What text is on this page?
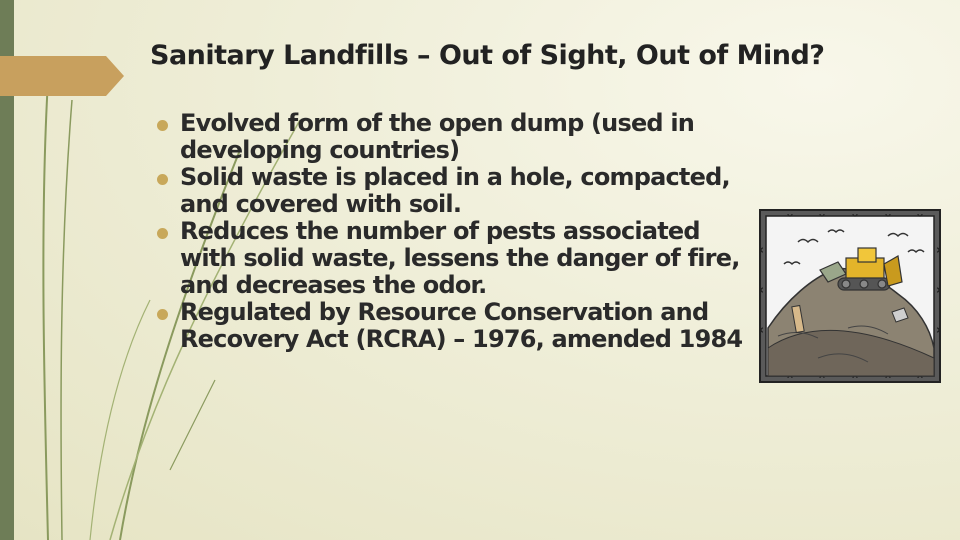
Sanitary Landfills – Out of Sight, Out of Mind?
Evolved form of the open dump (used in developing countries)
Solid waste is placed in a hole, compacted, and covered with soil.
Reduces the number of pests associated with solid waste, lessens the danger of fire, and decreases the odor.
Regulated by Resource Conservation and Recovery Act (RCRA) – 1976, amended 1984
